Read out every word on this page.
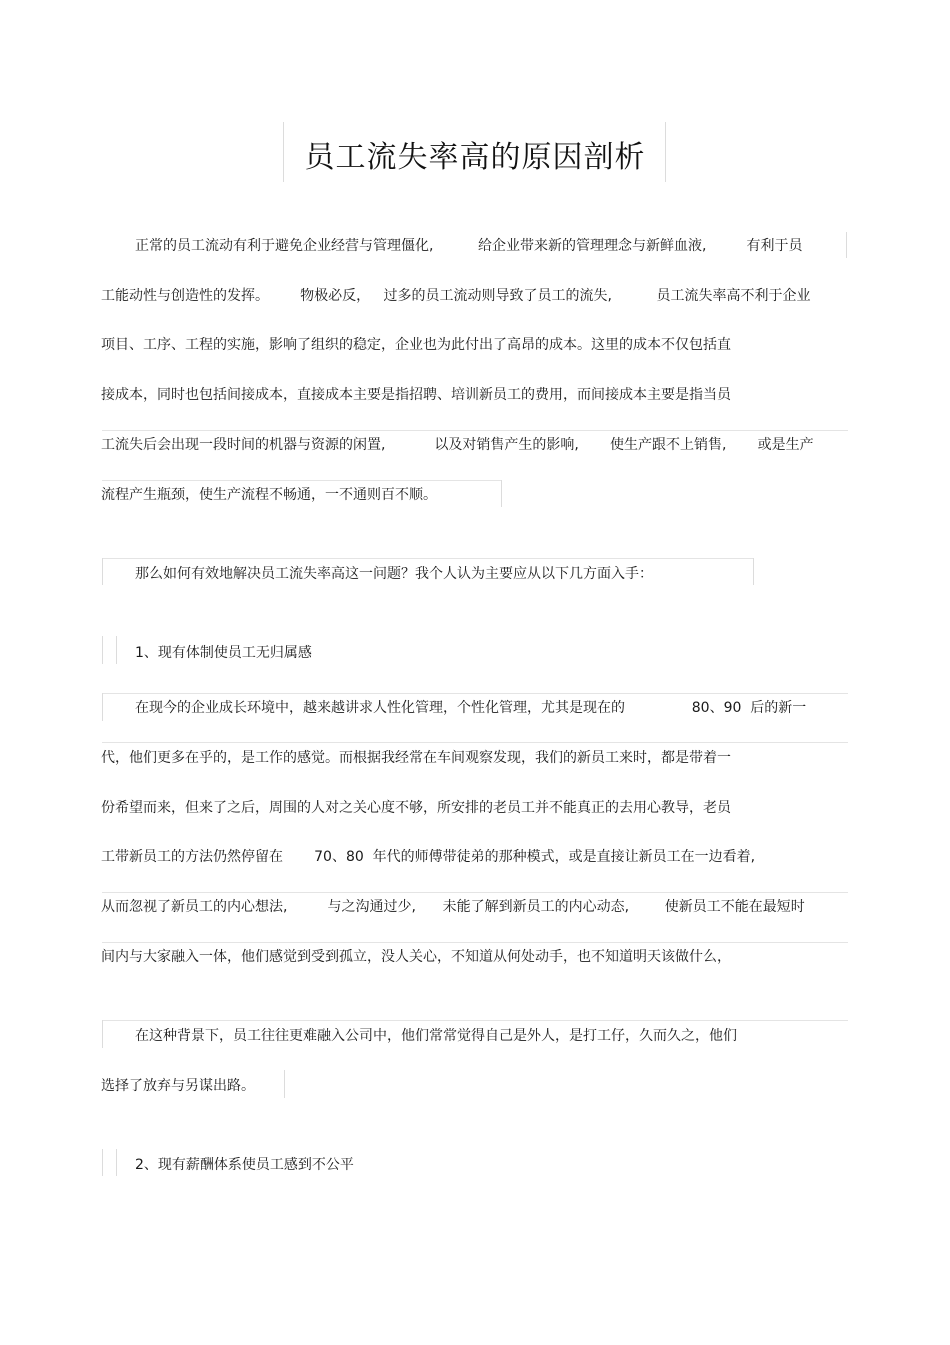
员工流失率高的原因剖析
正常的员工流动有利于避免企业经营与管理僵化,          给企业带来新的管理理念与新鲜血液,         有利于员
工能动性与创造性的发挥。       物极必反，   过多的员工流动则导致了员工的流失,          员工流失率高不利于企业
项目、工序、工程的实施，影响了组织的稳定，企业也为此付出了高昂的成本。这里的成本不仅包括直
接成本，同时也包括间接成本，直接成本主要是指招聘、培训新员工的费用，而间接成本主要是指当员
工流失后会出现一段时间的机器与资源的闲置,           以及对销售产生的影响,       使生产跟不上销售,       或是生产
流程产生瓶颈，使生产流程不畅通，一不通则百不顺。
那么如何有效地解决员工流失率高这一问题？我个人认为主要应从以下几方面入手：
1、现有体制使员工无归属感
在现今的企业成长环境中，越来越讲求人性化管理，个性化管理，尤其是现在的               80、90  后的新一
代，他们更多在乎的，是工作的感觉。而根据我经常在车间观察发现，我们的新员工来时，都是带着一
份希望而来，但来了之后，周围的人对之关心度不够，所安排的老员工并不能真正的去用心教导，老员
工带新员工的方法仍然停留在       70、80  年代的师傅带徒弟的那种模式，或是直接让新员工在一边看着,
从而忽视了新员工的内心想法,         与之沟通过少,      未能了解到新员工的内心动态,        使新员工不能在最短时
间内与大家融入一体，他们感觉到受到孤立，没人关心，不知道从何处动手，也不知道明天该做什么，
在这种背景下，员工往往更难融入公司中，他们常常觉得自己是外人，是打工仔，久而久之，他们
选择了放弃与另谋出路。
2、现有薪酬体系使员工感到不公平
